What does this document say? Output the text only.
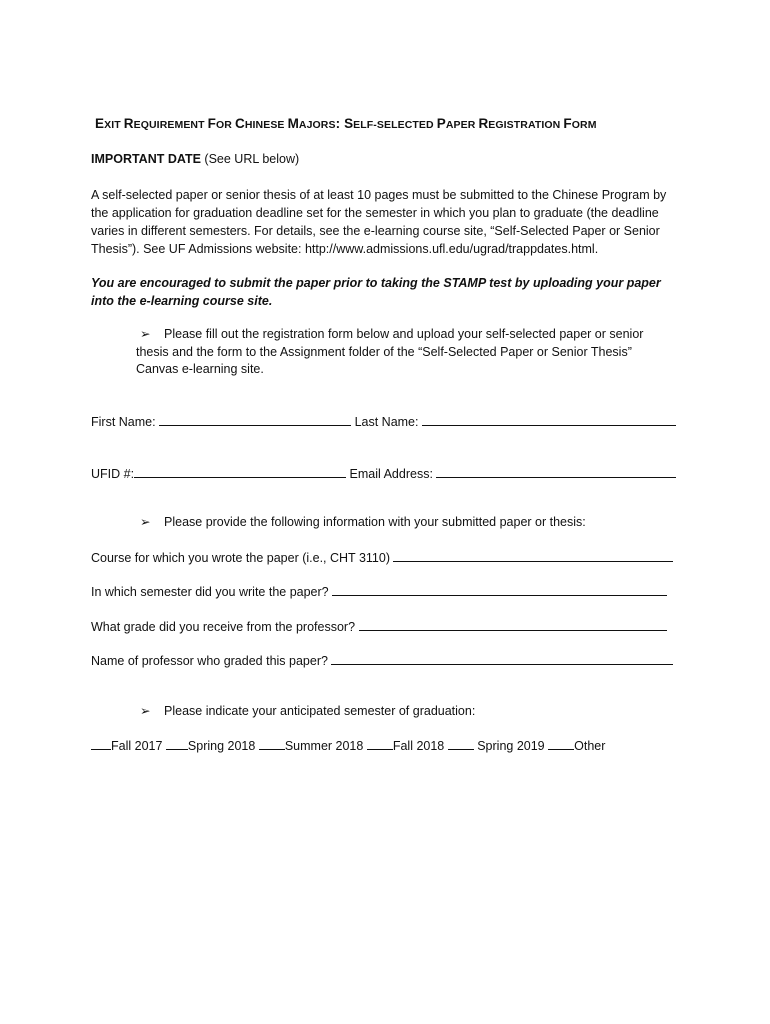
EXIT REQUIREMENT FOR CHINESE MAJORS: SELF-SELECTED PAPER REGISTRATION FORM
IMPORTANT DATE (See URL below)
A self-selected paper or senior thesis of at least 10 pages must be submitted to the Chinese Program by
the application for graduation deadline set for the semester in which you plan to graduate (the deadline
varies in different semesters. For details, see the e-learning course site, “Self-Selected Paper or Senior
Thesis”). See UF Admissions website: http://www.admissions.ufl.edu/ugrad/trappdates.html.
You are encouraged to submit the paper prior to taking the STAMP test by uploading your paper
into the e-learning course site.
➢ Please fill out the registration form below and upload your self-selected paper or senior
thesis and the form to the Assignment folder of the “Self-Selected Paper or Senior Thesis”
Canvas e-learning site.
First Name:	Last Name:
UFID #:	Email Address:
➢ Please provide the following information with your submitted paper or thesis:
Course for which you wrote the paper (i.e., CHT 3110)
In which semester did you write the paper?
What grade did you receive from the professor?
Name of professor who graded this paper?
➢ Please indicate your anticipated semester of graduation:
Fall 2017 Spring 2018 Summer 2018 Fall 2018  Spring 2019 Other
